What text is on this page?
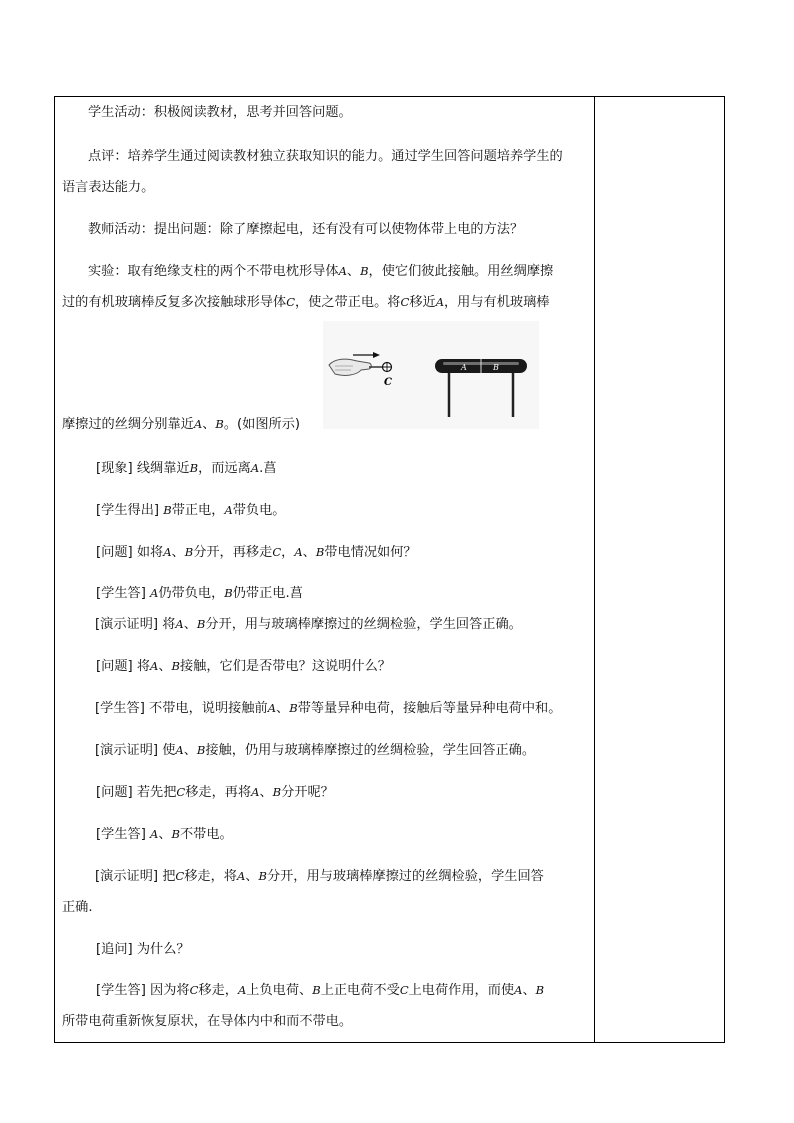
学生活动：积极阅读教材，思考并回答问题。

点评：培养学生通过阅读教材独立获取知识的能力。通过学生回答问题培养学生的

语言表达能力。

教师活动：提出问题：除了摩擦起电，还有没有可以使物体带上电的方法？

实验：取有绝缘支柱的两个不带电枕形导体A、B，使它们彼此接触。用丝绸摩擦

过的有机玻璃棒反复多次接触球形导体C，使之带正电。将C移近A，用与有机玻璃棒

C
A	B

摩擦过的丝绸分别靠近A、B。(如图所示)

[现象] 线绸靠近B，而远离A.菖

[学生得出] B带正电，A带负电。

[问题] 如将A、B分开，再移走C，A、B带电情况如何？

[学生答] A仍带负电，B仍带正电.菖

[演示证明] 将A、B分开，用与玻璃棒摩擦过的丝绸检验，学生回答正确。

[问题] 将A、B接触，它们是否带电？这说明什么？

[学生答] 不带电，说明接触前A、B带等量异种电荷，接触后等量异种电荷中和。

[演示证明] 使A、B接触，仍用与玻璃棒摩擦过的丝绸检验，学生回答正确。

[问题] 若先把C移走，再将A、B分开呢？

[学生答] A、B不带电。

[演示证明] 把C移走，将A、B分开，用与玻璃棒摩擦过的丝绸检验，学生回答

正确.

[追问] 为什么？

[学生答] 因为将C移走，A上负电荷、B上正电荷不受C上电荷作用，而使A、B

所带电荷重新恢复原状，在导体内中和而不带电。
